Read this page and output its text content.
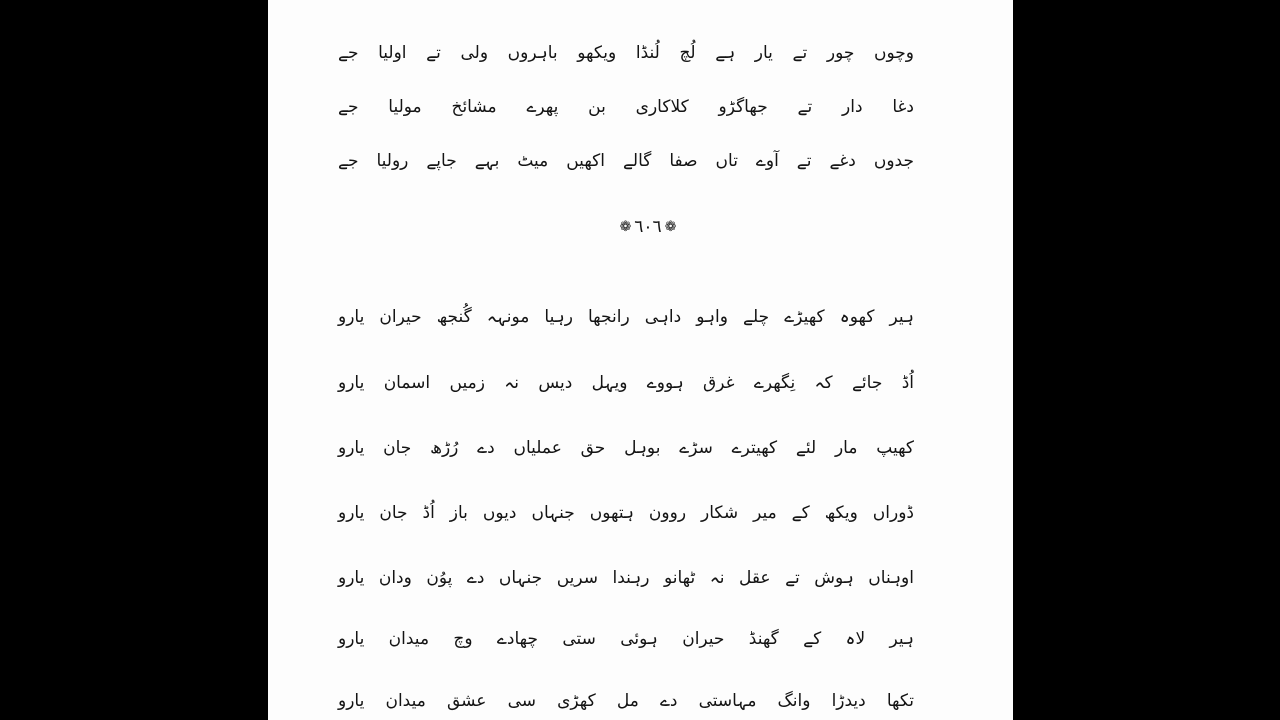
وچوں چور تے یار ہے لُچ لُنڈا ویکھو باہروں ولی تے اولیا جے
دغا دار تے جھاگڑو کلاکاری بن پھرے مشائخ مولیا جے
جدوں دغے تے آوے تاں صفا گالے اکھیں میٹ بہے جاپے رولیا جے
❁
٦٠٦
❁
ہیر کھوہ کھیڑے چلے واہو داہی رانجھا رہیا مونہہ گُنجھ حیران یارو
اُڈ جائے کہ نِگھرے غرق ہووے ویہل دیس نہ زمیں اسمان یارو
کھیپ مار لئے کھیترے سڑے بوہل حق عملیاں دے رُڑھ جان یارو
ڈوراں ویکھ کے میر شکار روون ہتھوں جنہاں دیوں باز اُڈ جان یارو
اوہناں ہوش تے عقل نہ ٹھانو رہندا سریں جنہاں دے پوُن ودان یارو
ہیر لاہ کے گھنڈ حیران ہوئی ستی چھادے وچ میدان یارو
تکھا دیدڑا وانگ مہاستی دے مل کھڑی سی عشق میدان یارو
